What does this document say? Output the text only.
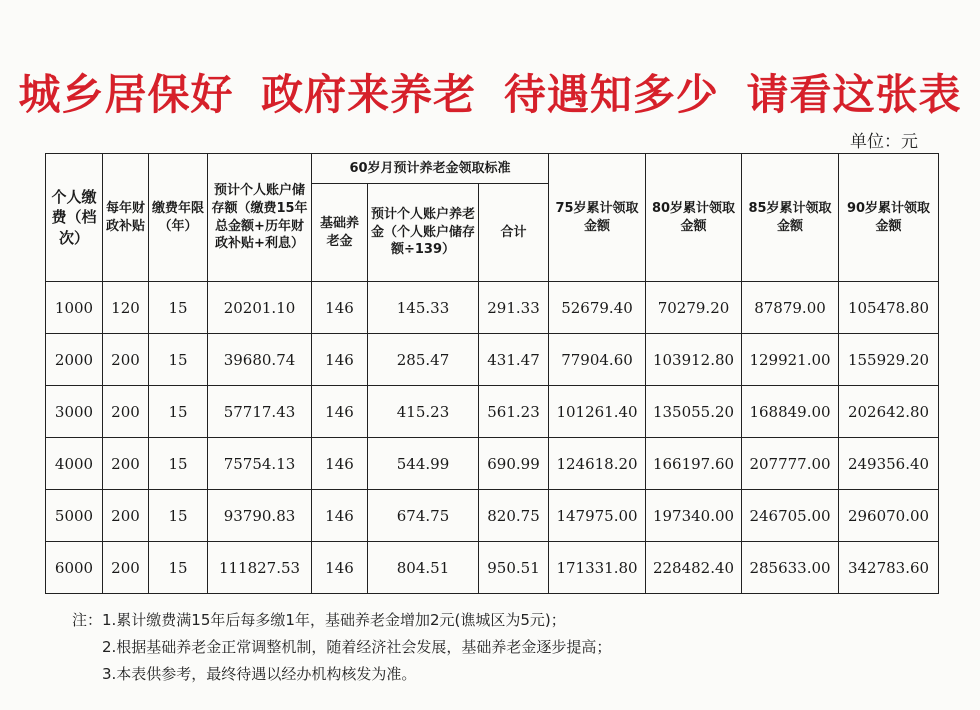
城乡居保好 政府来养老 待遇知多少 请看这张表
单位：元
个人缴费（档次）	每年财政补贴	缴费年限（年）	预计个人账户储存额（缴费15年总金额+历年财政补贴+利息）	60岁月预计养老金领取标准			75岁累计领取金额	80岁累计领取金额	85岁累计领取金额	90岁累计领取金额
				基础养老金	预计个人账户养老金（个人账户储存额÷139）	合计				
1000	120	15	20201.10	146	145.33	291.33	52679.40	70279.20	87879.00	105478.80
2000	200	15	39680.74	146	285.47	431.47	77904.60	103912.80	129921.00	155929.20
3000	200	15	57717.43	146	415.23	561.23	101261.40	135055.20	168849.00	202642.80
4000	200	15	75754.13	146	544.99	690.99	124618.20	166197.60	207777.00	249356.40
5000	200	15	93790.83	146	674.75	820.75	147975.00	197340.00	246705.00	296070.00
6000	200	15	111827.53	146	804.51	950.51	171331.80	228482.40	285633.00	342783.60
注： 1.累计缴费满15年后每多缴1年，基础养老金增加2元(谯城区为5元)；
2.根据基础养老金正常调整机制，随着经济社会发展，基础养老金逐步提高；
3.本表供参考，最终待遇以经办机构核发为准。
